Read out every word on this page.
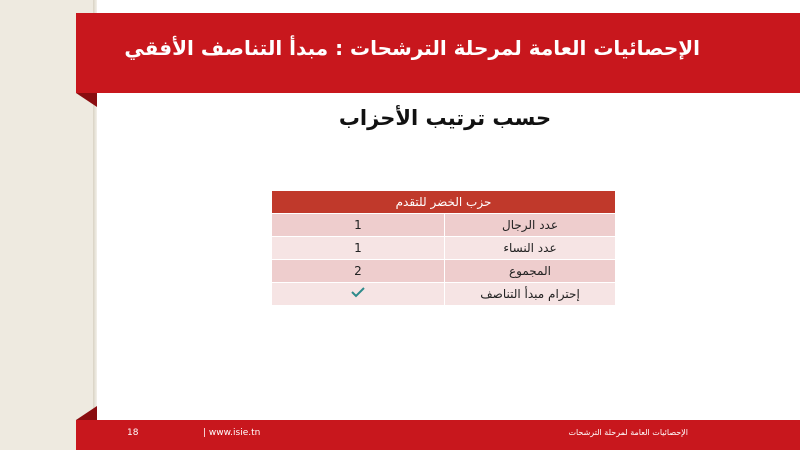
الإحصائيات العامة لمرحلة الترشحات : مبدأ التناصف الأفقي
حسب ترتيب الأحزاب
حزب الخضر للتقدم	
عدد الرجال	1
عدد النساء	1
المجموع	2
إحترام مبدأ التناصف	
18	| www.isie.tn	الإحصائيات العامة لمرحلة الترشحات
